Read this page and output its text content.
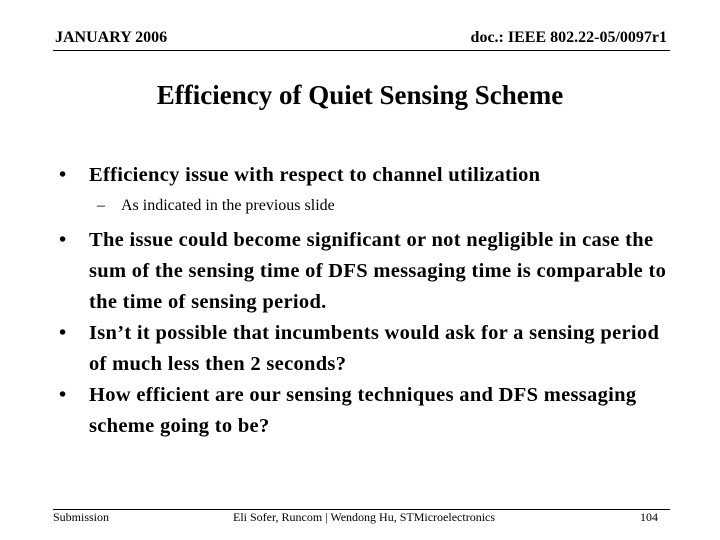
JANUARY 2006	doc.: IEEE 802.22-05/0097r1
Efficiency of Quiet Sensing Scheme
• Efficiency issue with respect to channel utilization
– As indicated in the previous slide
• The issue could become significant or not negligible in case the sum of the sensing time of DFS messaging time is comparable to the time of sensing period.
• Isn’t it possible that incumbents would ask for a sensing period of much less then 2 seconds?
• How efficient are our sensing techniques and DFS messaging scheme going to be?
Submission	Eli Sofer, Runcom | Wendong Hu, STMicroelectronics	104
